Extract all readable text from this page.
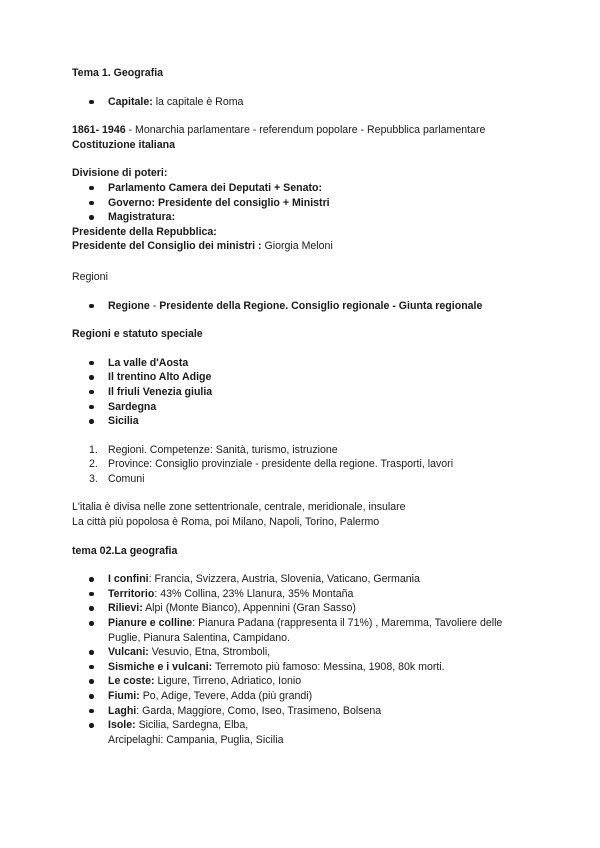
Tema 1. Geografia
Capitale: la capitale è Roma
1861- 1946 - Monarchia parlamentare - referendum popolare - Repubblica parlamentare
Costituzione italiana
Divisione di poteri:
Parlamento Camera dei Deputati + Senato:
Governo: Presidente del consiglio + Ministri
Magistratura:
Presidente della Repubblica:
Presidente del Consiglio dei ministri : Giorgia Meloni
Regioni
Regione - Presidente della Regione. Consiglio regionale - Giunta regionale
Regioni e statuto speciale
La valle d'Aosta
Il trentino Alto Adige
Il friuli Venezia giulia
Sardegna
Sicilia
1. Regioni. Competenze: Sanità, turismo, istruzione
2. Province: Consiglio provinziale - presidente della regione. Trasporti, lavori
3. Comuni
L'italia è divisa nelle zone settentrionale, centrale, meridionale, insulare
La città più popolosa è Roma, poi Milano, Napoli, Torino, Palermo
tema 02.La geografia
I confini: Francia, Svizzera, Austria, Slovenia, Vaticano, Germania
Territorio: 43% Collina, 23% Llanura, 35% Montaña
Rilievi: Alpi (Monte Bianco), Appennini (Gran Sasso)
Pianure e colline: Pianura Padana (rappresenta il 71%) , Maremma, Tavoliere delle Puglie, Pianura Salentina, Campidano.
Vulcani: Vesuvio, Etna, Stromboli,
Sismiche e i vulcani: Terremoto più famoso: Messina, 1908, 80k morti.
Le coste: Ligure, Tirreno, Adriatico, Ionio
Fiumi: Po, Adige, Tevere, Adda (più grandi)
Laghi: Garda, Maggiore, Como, Iseo, Trasimeno, Bolsena
Isole: Sicilia, Sardegna, Elba,
Arcipelaghi: Campania, Puglia, Sicilia
